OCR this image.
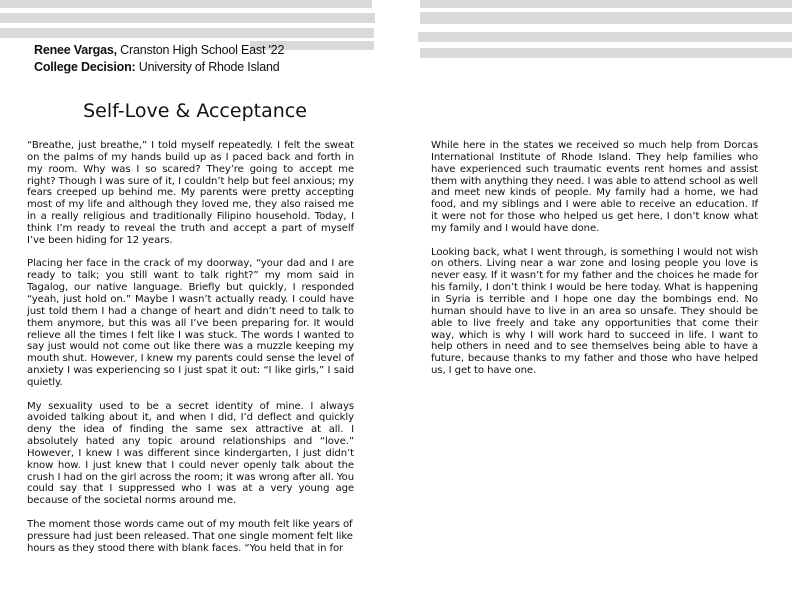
Renee Vargas, Cranston High School East '22
College Decision: University of Rhode Island
Self-Love & Acceptance

“Breathe, just breathe,” I told myself repeatedly. I felt the sweat on the palms of my hands build up as I paced back and forth in my room. Why was I so scared? They’re going to accept me right? Though I was sure of it, I couldn’t help but feel anxious; my fears creeped up behind me. My parents were pretty accepting most of my life and although they loved me, they also raised me in a really religious and traditionally Filipino household. Today, I think I’m ready to reveal the truth and accept a part of myself I’ve been hiding for 12 years.

Placing her face in the crack of my doorway, “your dad and I are ready to talk; you still want to talk right?” my mom said in Tagalog, our native language. Briefly but quickly, I responded “yeah, just hold on.” Maybe I wasn’t actually ready. I could have just told them I had a change of heart and didn’t need to talk to them anymore, but this was all I’ve been preparing for. It would relieve all the times I felt like I was stuck. The words I wanted to say just would not come out like there was a muzzle keeping my mouth shut. However, I knew my parents could sense the level of anxiety I was experiencing so I just spat it out: “I like girls,” I said quietly.

My sexuality used to be a secret identity of mine. I always avoided talking about it, and when I did, I’d deflect and quickly deny the idea of finding the same sex attractive at all. I absolutely hated any topic around relationships and “love.” However, I knew I was different since kindergarten, I just didn’t know how. I just knew that I could never openly talk about the crush I had on the girl across the room; it was wrong after all. You could say that I suppressed who I was at a very young age because of the societal norms around me.

The moment those words came out of my mouth felt like years of pressure had just been released. That one single moment felt like hours as they stood there with blank faces. “You held that in for

While here in the states we received so much help from Dorcas International Institute of Rhode Island. They help families who have experienced such traumatic events rent homes and assist them with anything they need. I was able to attend school as well and meet new kinds of people. My family had a home, we had food, and my siblings and I were able to receive an education. If it were not for those who helped us get here, I don’t know what my family and I would have done.

Looking back, what I went through, is something I would not wish on others. Living near a war zone and losing people you love is never easy. If it wasn’t for my father and the choices he made for his family, I don’t think I would be here today. What is happening in Syria is terrible and I hope one day the bombings end. No human should have to live in an area so unsafe. They should be able to live freely and take any opportunities that come their way, which is why I will work hard to succeed in life. I want to help others in need and to see themselves being able to have a future, because thanks to my father and those who have helped us, I get to have one.
